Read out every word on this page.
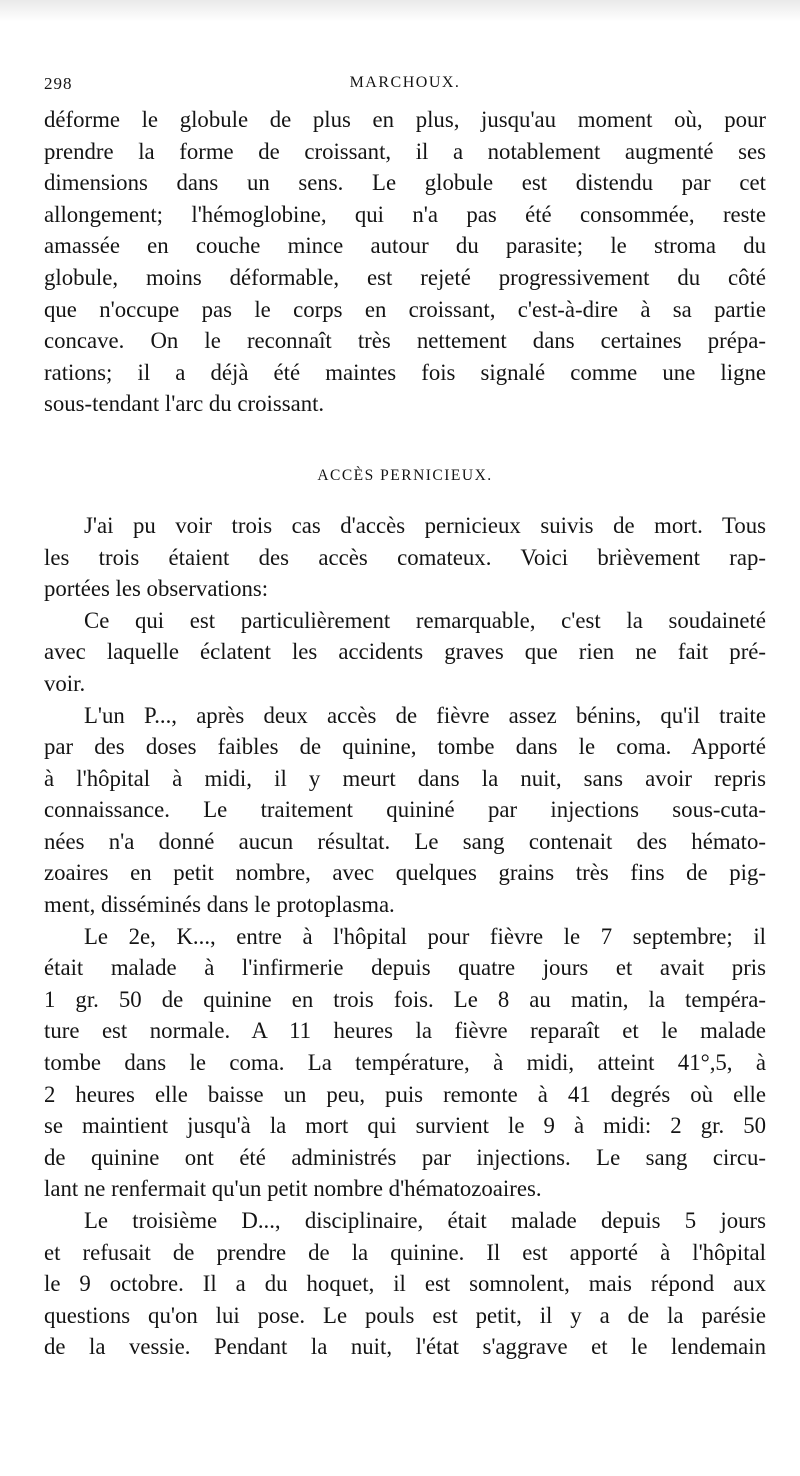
298	MARCHOUX.

déforme le globule de plus en plus, jusqu'au moment où, pour
prendre la forme de croissant, il a notablement augmenté ses
dimensions dans un sens. Le globule est distendu par cet
allongement; l'hémoglobine, qui n'a pas été consommée, reste
amassée en couche mince autour du parasite; le stroma du
globule, moins déformable, est rejeté progressivement du côté
que n'occupe pas le corps en croissant, c'est-à-dire à sa partie
concave. On le reconnaît très nettement dans certaines prépa-
rations; il a déjà été maintes fois signalé comme une ligne
sous-tendant l'arc du croissant.

ACCÈS PERNICIEUX.

J'ai pu voir trois cas d'accès pernicieux suivis de mort. Tous
les trois étaient des accès comateux. Voici brièvement rap-
portées les observations:

Ce qui est particulièrement remarquable, c'est la soudaineté
avec laquelle éclatent les accidents graves que rien ne fait pré-
voir.

L'un P..., après deux accès de fièvre assez bénins, qu'il traite
par des doses faibles de quinine, tombe dans le coma. Apporté
à l'hôpital à midi, il y meurt dans la nuit, sans avoir repris
connaissance. Le traitement quininé par injections sous-cuta-
nées n'a donné aucun résultat. Le sang contenait des hémato-
zoaires en petit nombre, avec quelques grains très fins de pig-
ment, disséminés dans le protoplasma.

Le 2e, K..., entre à l'hôpital pour fièvre le 7 septembre; il
était malade à l'infirmerie depuis quatre jours et avait pris
1 gr. 50 de quinine en trois fois. Le 8 au matin, la tempéra-
ture est normale. A 11 heures la fièvre reparaît et le malade
tombe dans le coma. La température, à midi, atteint 41°,5, à
2 heures elle baisse un peu, puis remonte à 41 degrés où elle
se maintient jusqu'à la mort qui survient le 9 à midi: 2 gr. 50
de quinine ont été administrés par injections. Le sang circu-
lant ne renfermait qu'un petit nombre d'hématozoaires.

Le troisième D..., disciplinaire, était malade depuis 5 jours
et refusait de prendre de la quinine. Il est apporté à l'hôpital
le 9 octobre. Il a du hoquet, il est somnolent, mais répond aux
questions qu'on lui pose. Le pouls est petit, il y a de la parésie
de la vessie. Pendant la nuit, l'état s'aggrave et le lendemain
